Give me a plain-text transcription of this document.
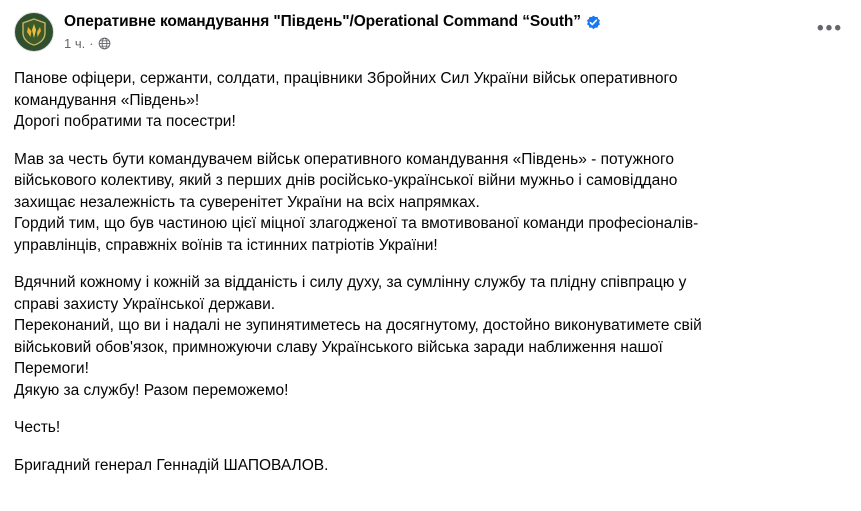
Оперативне командування "Південь"/Operational Command “South”
1 ч. ·
•••
Панове офіцери, сержанти, солдати, працівники Збройних Сил України військ оперативного
командування «Південь»!
Дорогі побратими та посестри!
Мав за честь бути командувачем військ оперативного командування «Південь» - потужного
військового колективу, який з перших днів російсько-української війни мужньо і самовіддано
захищає незалежність та суверенітет України на всіх напрямках.
Гордий тим, що був частиною цієї міцної злагодженої та вмотивованої команди професіоналів-
управлінців, справжніх воїнів та істинних патріотів України!
Вдячний кожному і кожній за відданість і силу духу, за сумлінну службу та плідну співпрацю у
справі захисту Української держави.
Переконаний, що ви і надалі не зупинятиметесь на досягнутому, достойно виконуватимете свій
військовий обов'язок, примножуючи славу Українського війська заради наближення нашої
Перемоги!
Дякую за службу! Разом переможемо!
Честь!
Бригадний генерал Геннадій ШАПОВАЛОВ.
